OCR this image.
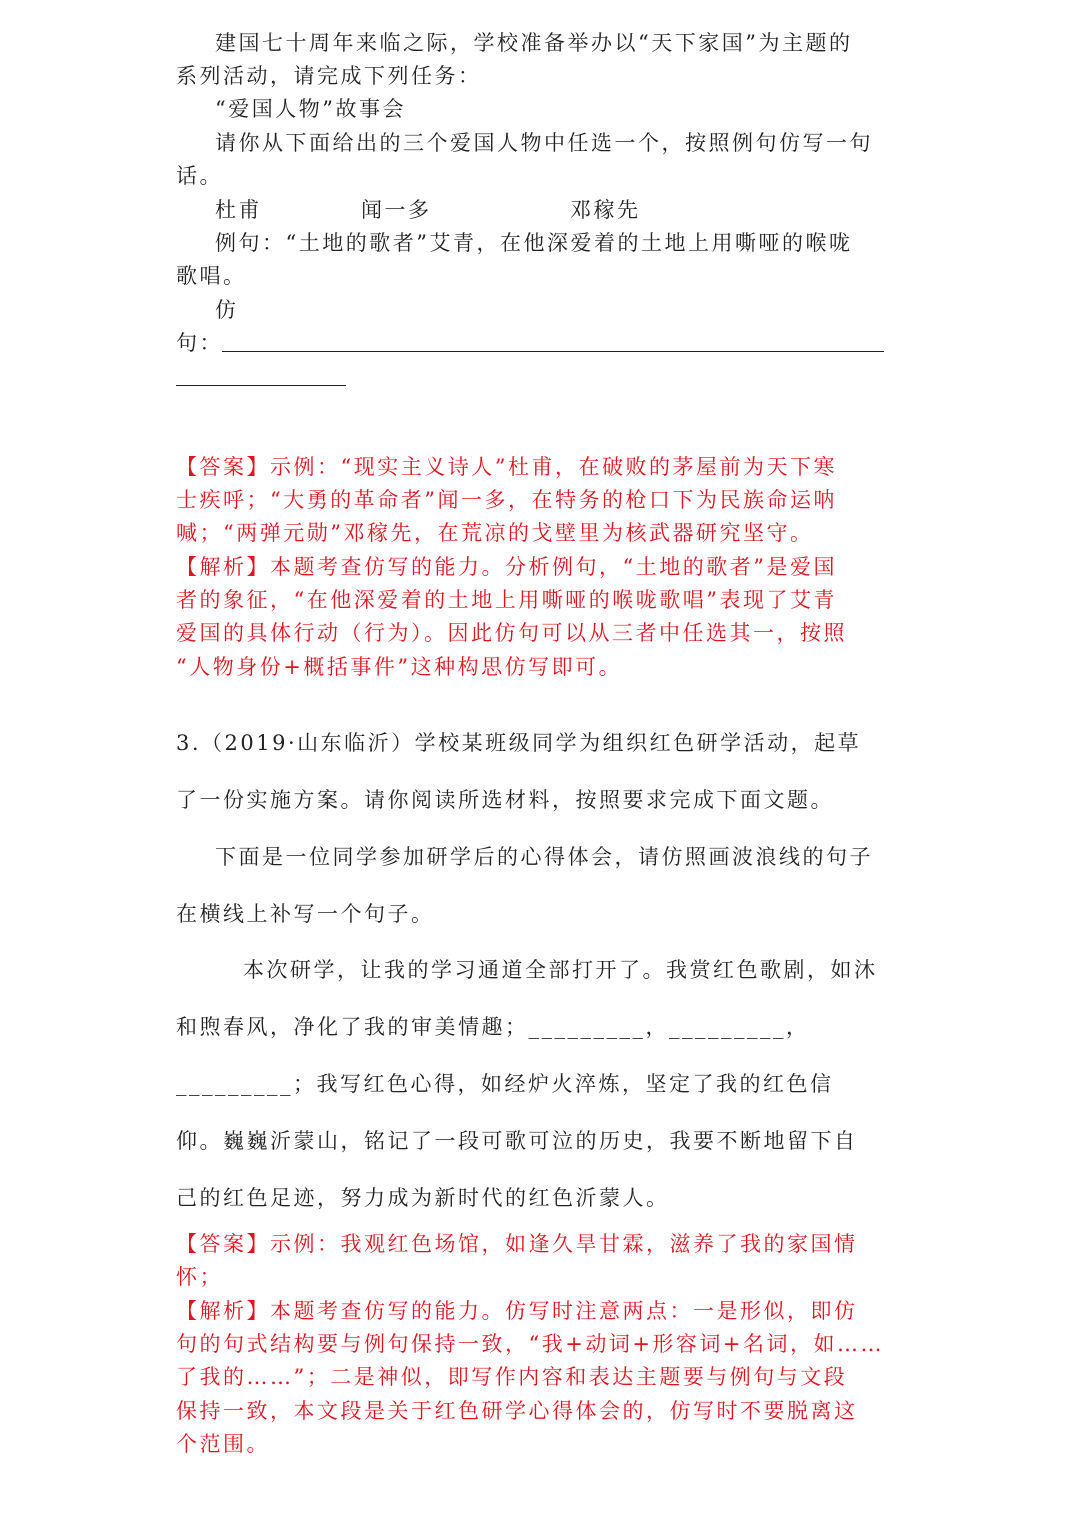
建国七十周年来临之际，学校准备举办以“天下家国”为主题的
系列活动，请完成下列任务：
“爱国人物”故事会
请你从下面给出的三个爱国人物中任选一个，按照例句仿写一句
话。
杜甫	闻一多	邓稼先
例句：“土地的歌者”艾青，在他深爱着的土地上用嘶哑的喉咙
歌唱。
仿
句：
【答案】示例：“现实主义诗人”杜甫，在破败的茅屋前为天下寒
士疾呼；“大勇的革命者”闻一多，在特务的枪口下为民族命运呐
喊；“两弹元勋”邓稼先，在荒凉的戈壁里为核武器研究坚守。
【解析】本题考查仿写的能力。分析例句，“土地的歌者”是爱国
者的象征，“在他深爱着的土地上用嘶哑的喉咙歌唱”表现了艾青
爱国的具体行动（行为）。因此仿句可以从三者中任选其一，按照
“人物身份+概括事件”这种构思仿写即可。
3.（2019·山东临沂）学校某班级同学为组织红色研学活动，起草
了一份实施方案。请你阅读所选材料，按照要求完成下面文题。
下面是一位同学参加研学后的心得体会，请仿照画波浪线的句子
在横线上补写一个句子。
本次研学，让我的学习通道全部打开了。我赏红色歌剧，如沐
和煦春风，净化了我的审美情趣；_________，_________，
_________；我写红色心得，如经炉火淬炼，坚定了我的红色信
仰。巍巍沂蒙山，铭记了一段可歌可泣的历史，我要不断地留下自
己的红色足迹，努力成为新时代的红色沂蒙人。
【答案】示例：我观红色场馆，如逢久旱甘霖，滋养了我的家国情
怀；
【解析】本题考查仿写的能力。仿写时注意两点：一是形似，即仿
句的句式结构要与例句保持一致，“我+动词+形容词+名词，如……
了我的……”；二是神似，即写作内容和表达主题要与例句与文段
保持一致，本文段是关于红色研学心得体会的，仿写时不要脱离这
个范围。
